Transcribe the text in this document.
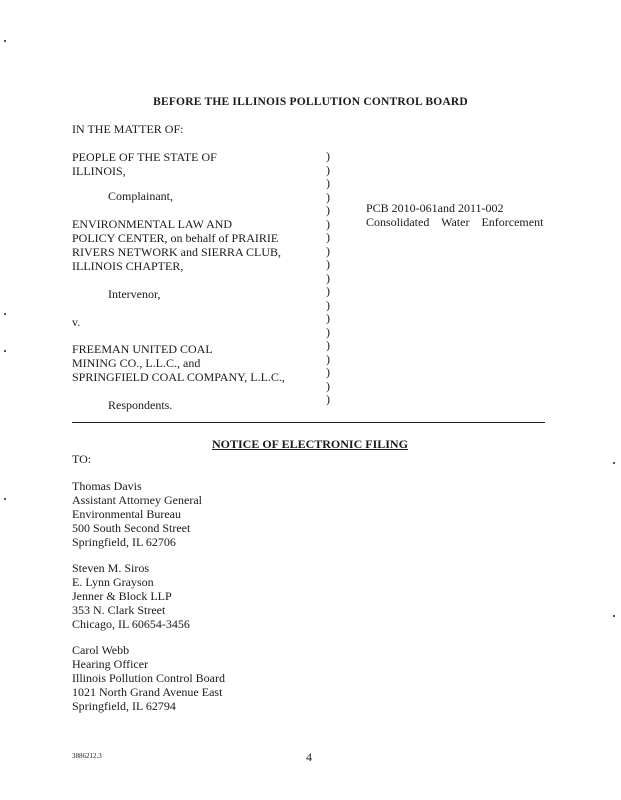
BEFORE THE ILLINOIS POLLUTION CONTROL BOARD
IN THE MATTER OF:
PEOPLE OF THE STATE OF
ILLINOIS,
Complainant,
ENVIRONMENTAL LAW AND
POLICY CENTER, on behalf of PRAIRIE
RIVERS NETWORK and SIERRA CLUB,
ILLINOIS CHAPTER,
Intervenor,
v.
FREEMAN UNITED COAL
MINING CO., L.L.C., and
SPRINGFIELD COAL COMPANY, L.L.C.,
Respondents.
)
)
)
)
)
)
)
)
)
)
)
)
)
)
)
)
)
)
)
PCB 2010-061and 2011-002
Consolidated Water Enforcement
NOTICE OF ELECTRONIC FILING
TO:
Thomas Davis
Assistant Attorney General
Environmental Bureau
500 South Second Street
Springfield, IL 62706
Steven M. Siros
E. Lynn Grayson
Jenner & Block LLP
353 N. Clark Street
Chicago, IL 60654-3456
Carol Webb
Hearing Officer
Illinois Pollution Control Board
1021 North Grand Avenue East
Springfield, IL 62794
3886212.3	4
